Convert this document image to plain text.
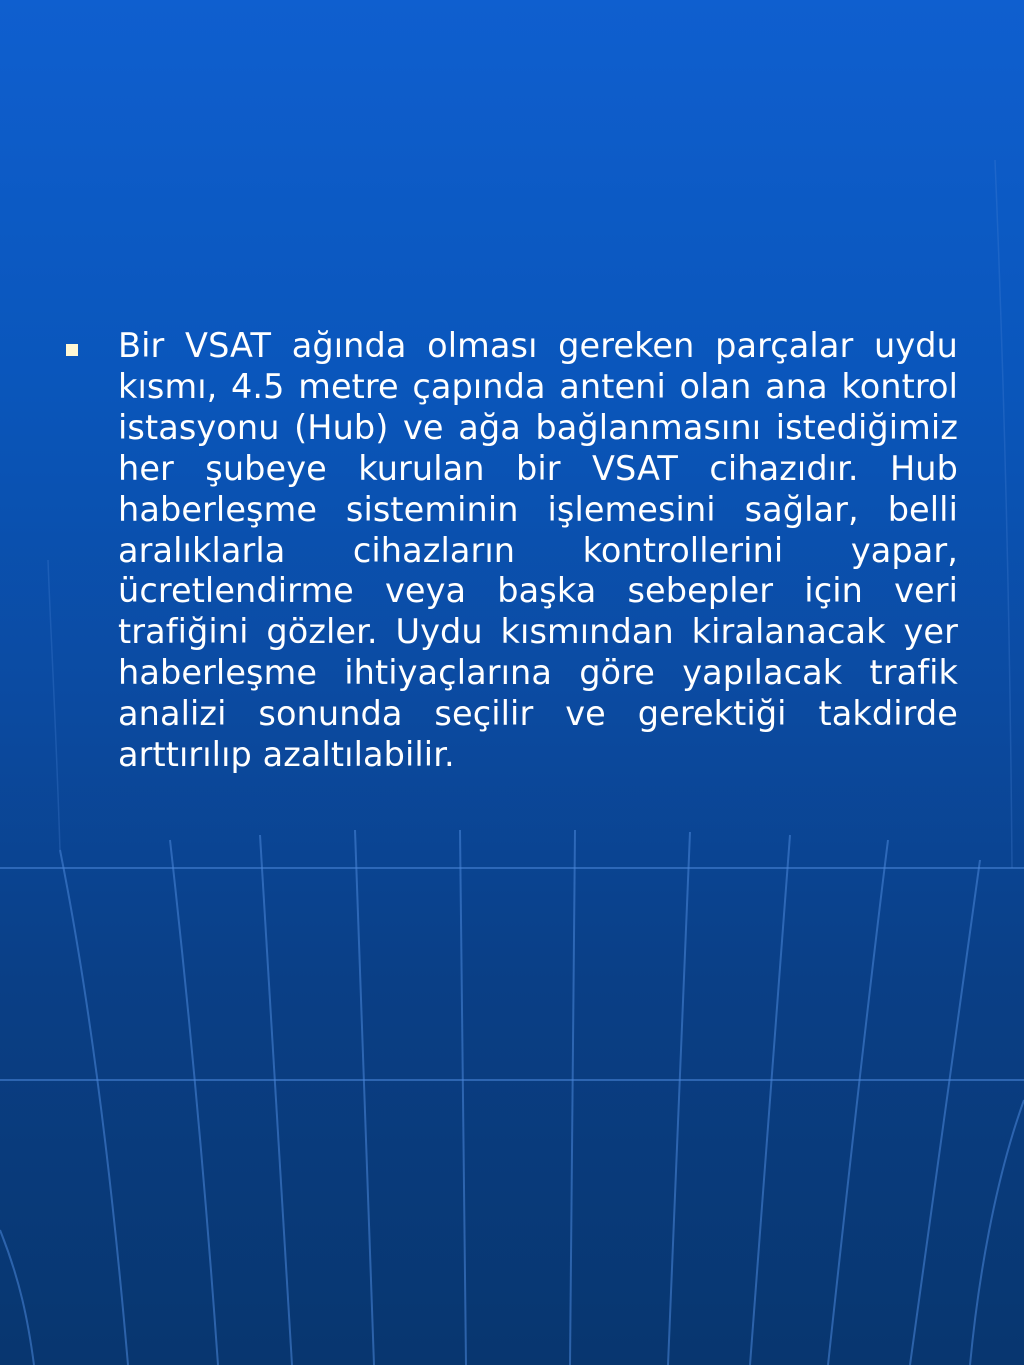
Bir VSAT ağında olması gereken parçalar uydu kısmı, 4.5 metre çapında anteni olan ana kontrol istasyonu (Hub) ve ağa bağlanmasını istediğimiz her şubeye kurulan bir VSAT cihazıdır. Hub haberleşme sisteminin işlemesini sağlar, belli aralıklarla cihazların kontrollerini yapar, ücretlendirme veya başka sebepler için veri trafiğini gözler. Uydu kısmından kiralanacak yer haberleşme ihtiyaçlarına göre yapılacak trafik analizi sonunda seçilir ve gerektiği takdirde arttırılıp azaltılabilir.
